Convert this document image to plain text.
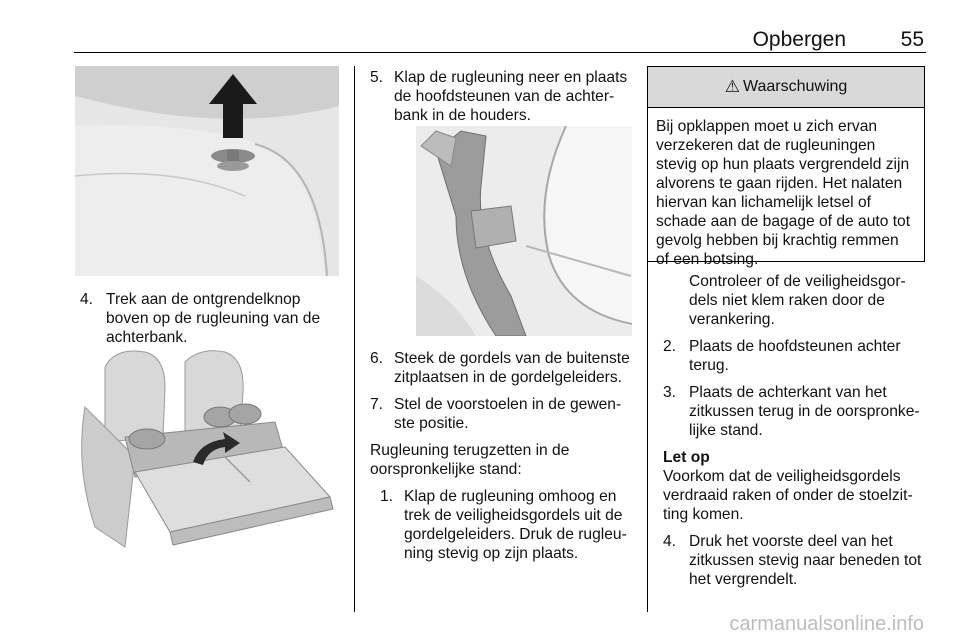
Opbergen	55
4. Trek aan de ontgrendelknop boven op de rugleuning van de achterbank.
5. Klap de rugleuning neer en plaats de hoofdsteunen van de achterbank in de houders.
6. Steek de gordels van de buitenste zitplaatsen in de gordelgeleiders.
7. Stel de voorstoelen in de gewenste positie.
Rugleuning terugzetten in de oorspronkelijke stand:
1. Klap de rugleuning omhoog en trek de veiligheidsgordels uit de gordelgeleiders. Druk de rugleuning stevig op zijn plaats.
⚠ Waarschuwing
Bij opklappen moet u zich ervan verzekeren dat de rugleuningen stevig op hun plaats vergrendeld zijn alvorens te gaan rijden. Het nalaten hiervan kan lichamelijk letsel of schade aan de bagage of de auto tot gevolg hebben bij krachtig remmen of een botsing.
Controleer of de veiligheidsgordels niet klem raken door de verankering.
2. Plaats de hoofdsteunen achter terug.
3. Plaats de achterkant van het zitkussen terug in de oorspronkelijke stand.
Let op
Voorkom dat de veiligheidsgordels verdraaid raken of onder de stoelzitting komen.
4. Druk het voorste deel van het zitkussen stevig naar beneden tot het vergrendelt.
carmanualsonline.info
